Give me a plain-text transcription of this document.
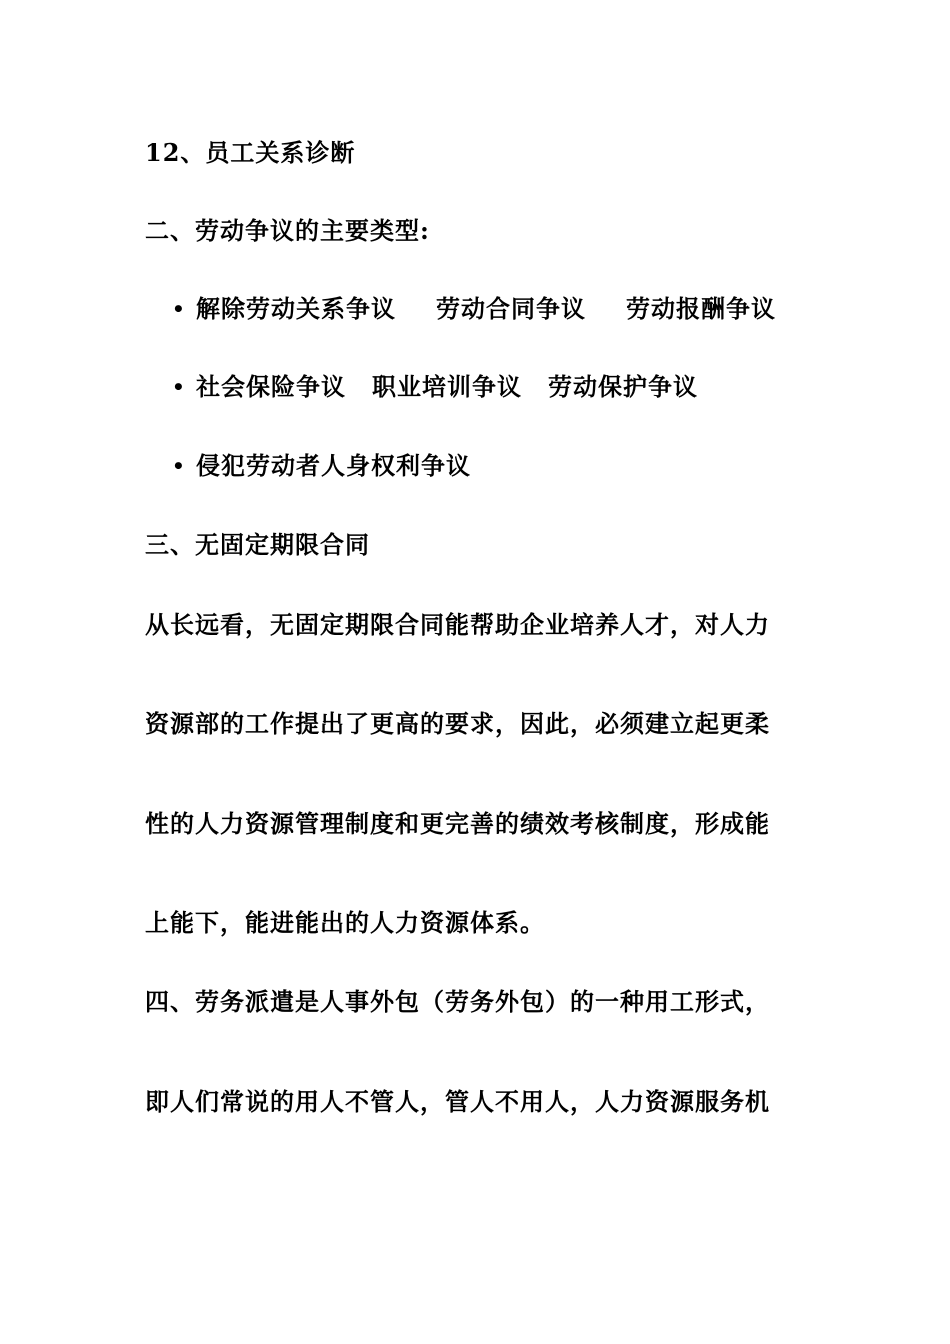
12、员工关系诊断
二、劳动争议的主要类型:
• 解除劳动关系争议 劳动合同争议 劳动报酬争议
• 社会保险争议 职业培训争议 劳动保护争议
• 侵犯劳动者人身权利争议
三、无固定期限合同
从长远看，无固定期限合同能帮助企业培养人才，对人力
资源部的工作提出了更高的要求，因此，必须建立起更柔
性的人力资源管理制度和更完善的绩效考核制度，形成能
上能下，能进能出的人力资源体系。
四、劳务派遣是人事外包（劳务外包）的一种用工形式，
即人们常说的用人不管人，管人不用人，人力资源服务机
